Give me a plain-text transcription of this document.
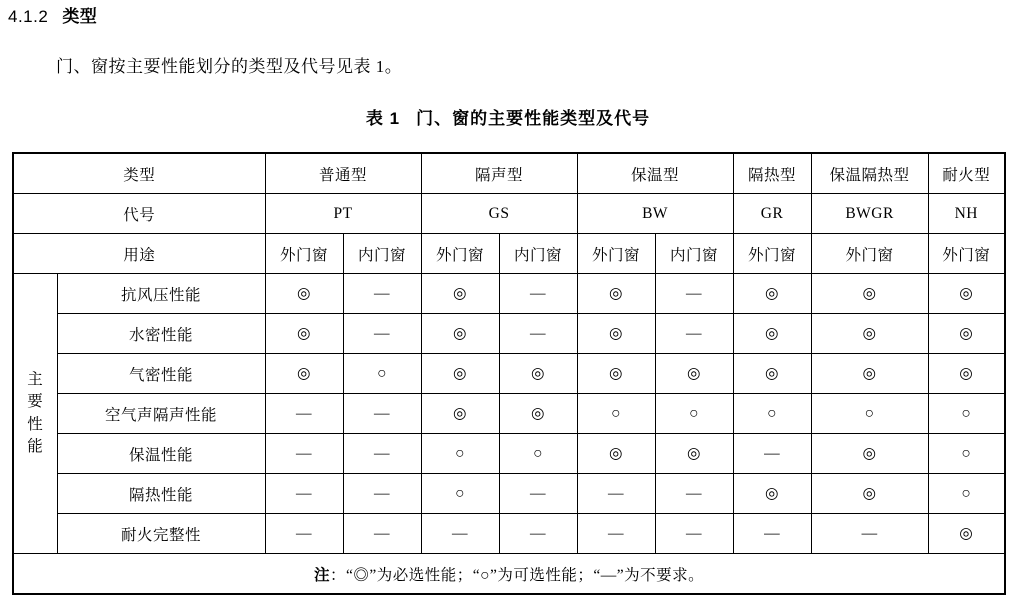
4.1.2 类型
门、窗按主要性能划分的类型及代号见表 1。
表 1 门、窗的主要性能类型及代号
类型		普通型		隔声型		保温型		隔热型	保温隔热型	耐火型
代号		PT		GS		BW		GR	BWGR	NH
用途		外门窗	内门窗	外门窗	内门窗	外门窗	内门窗	外门窗	外门窗	外门窗

主
要
性
能	抗风压性能	◎	—	◎	—	◎	—	◎	◎	◎
	水密性能	◎	—	◎	—	◎	—	◎	◎	◎
	气密性能	◎	○	◎	◎	◎	◎	◎	◎	◎
	空气声隔声性能	—	—	◎	◎	○	○	○	○	○
	保温性能	—	—	○	○	◎	◎	—	◎	○
	隔热性能	—	—	○	—	—	—	◎	◎	○
	耐火完整性	—	—	—	—	—	—	—	—	◎
注：“◎”为必选性能；“○”为可选性能；“—”为不要求。										
